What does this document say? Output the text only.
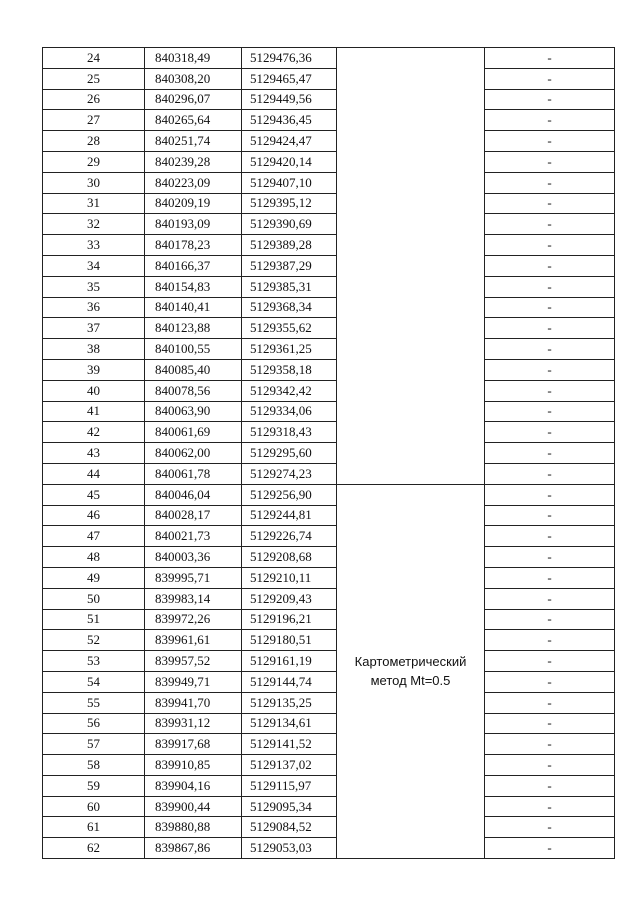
24	840318,49	5129476,36		-
25	840308,20	5129465,47		-
26	840296,07	5129449,56		-
27	840265,64	5129436,45		-
28	840251,74	5129424,47		-
29	840239,28	5129420,14		-
30	840223,09	5129407,10		-
31	840209,19	5129395,12		-
32	840193,09	5129390,69		-
33	840178,23	5129389,28		-
34	840166,37	5129387,29		-
35	840154,83	5129385,31		-
36	840140,41	5129368,34		-
37	840123,88	5129355,62		-
38	840100,55	5129361,25		-
39	840085,40	5129358,18		-
40	840078,56	5129342,42		-
41	840063,90	5129334,06		-
42	840061,69	5129318,43		-
43	840062,00	5129295,60		-
44	840061,78	5129274,23		-
45	840046,04	5129256,90	Картометрический
метод Mt=0.5	-
46	840028,17	5129244,81		-
47	840021,73	5129226,74		-
48	840003,36	5129208,68		-
49	839995,71	5129210,11		-
50	839983,14	5129209,43		-
51	839972,26	5129196,21		-
52	839961,61	5129180,51		-
53	839957,52	5129161,19		-
54	839949,71	5129144,74		-
55	839941,70	5129135,25		-
56	839931,12	5129134,61		-
57	839917,68	5129141,52		-
58	839910,85	5129137,02		-
59	839904,16	5129115,97		-
60	839900,44	5129095,34		-
61	839880,88	5129084,52		-
62	839867,86	5129053,03		-
